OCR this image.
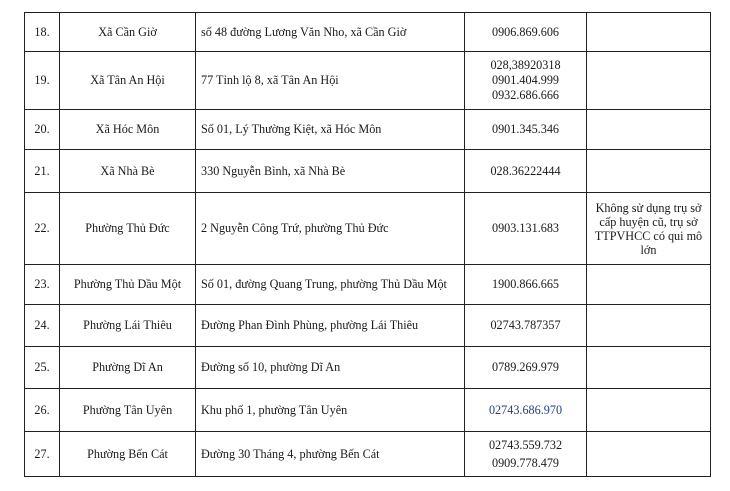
18.	Xã Cần Giờ	số 48 đường Lương Văn Nho, xã Cần Giờ	0906.869.606	

19.	Xã Tân An Hội	77 Tỉnh lộ 8, xã Tân An Hội	028,38920318
0901.404.999
0932.686.666	

20.	Xã Hóc Môn	Số 01, Lý Thường Kiệt, xã Hóc Môn	0901.345.346	

21.	Xã Nhà Bè	330 Nguyễn Bình, xã Nhà Bè	028.36222444	

22.	Phường Thủ Đức	2 Nguyễn Công Trứ, phường Thủ Đức	0903.131.683	Không sử dụng trụ sở cấp huyện cũ, trụ sở TTPVHCC có qui mô lớn
23.	Phường Thủ Dầu Một	Số 01, đường Quang Trung, phường Thủ Dầu Một	1900.866.665	

24.	Phường Lái Thiêu	Đường Phan Đình Phùng, phường Lái Thiêu	02743.787357	

25.	Phường Dĩ An	Đường số 10, phường Dĩ An	0789.269.979	

26.	Phường Tân Uyên	Khu phố 1, phường Tân Uyên	02743.686.970	

27.	Phường Bến Cát	Đường 30 Tháng 4, phường Bến Cát	02743.559.732
0909.778.479	
